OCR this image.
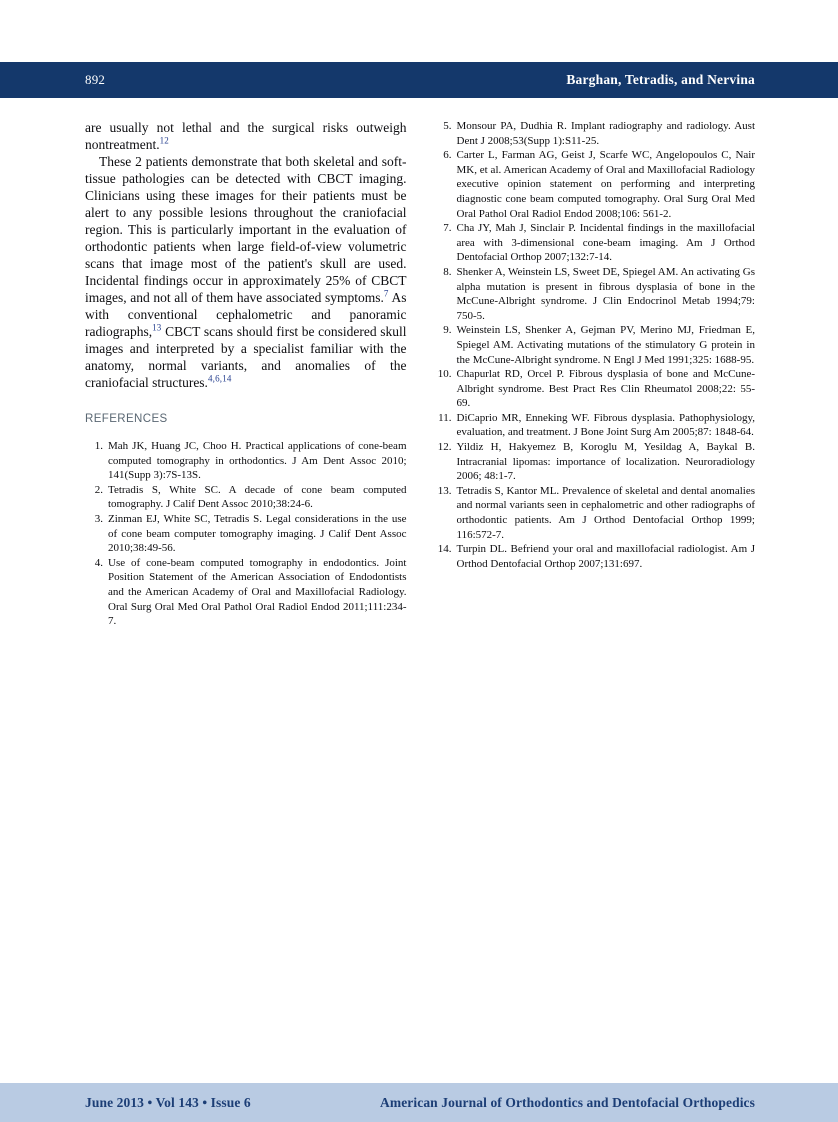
892	Barghan, Tetradis, and Nervina

are usually not lethal and the surgical risks outweigh nontreatment.$^{12}$

These 2 patients demonstrate that both skeletal and soft-tissue pathologies can be detected with CBCT imaging. Clinicians using these images for their patients must be alert to any possible lesions throughout the craniofacial region. This is particularly important in the evaluation of orthodontic patients when large field-of-view volumetric scans that image most of the patient's skull are used. Incidental findings occur in approximately 25% of CBCT images, and not all of them have associated symptoms.$^7$ As with conventional cephalometric and panoramic radiographs,$^{13}$ CBCT scans should first be considered skull images and interpreted by a specialist familiar with the anatomy, normal variants, and anomalies of the craniofacial structures.$^{4,6,14}$

REFERENCES
1. Mah JK, Huang JC, Choo H. Practical applications of cone-beam computed tomography in orthodontics. J Am Dent Assoc 2010; 141(Supp 3):7S-13S.
2. Tetradis S, White SC. A decade of cone beam computed tomography. J Calif Dent Assoc 2010;38:24-6.
3. Zinman EJ, White SC, Tetradis S. Legal considerations in the use of cone beam computer tomography imaging. J Calif Dent Assoc 2010;38:49-56.
4. Use of cone-beam computed tomography in endodontics. Joint Position Statement of the American Association of Endodontists and the American Academy of Oral and Maxillofacial Radiology. Oral Surg Oral Med Oral Pathol Oral Radiol Endod 2011;111:234-7.
5. Monsour PA, Dudhia R. Implant radiography and radiology. Aust Dent J 2008;53(Supp 1):S11-25.
6. Carter L, Farman AG, Geist J, Scarfe WC, Angelopoulos C, Nair MK, et al. American Academy of Oral and Maxillofacial Radiology executive opinion statement on performing and interpreting diagnostic cone beam computed tomography. Oral Surg Oral Med Oral Pathol Oral Radiol Endod 2008;106: 561-2.
7. Cha JY, Mah J, Sinclair P. Incidental findings in the maxillofacial area with 3-dimensional cone-beam imaging. Am J Orthod Dentofacial Orthop 2007;132:7-14.
8. Shenker A, Weinstein LS, Sweet DE, Spiegel AM. An activating Gs alpha mutation is present in fibrous dysplasia of bone in the McCune-Albright syndrome. J Clin Endocrinol Metab 1994;79: 750-5.
9. Weinstein LS, Shenker A, Gejman PV, Merino MJ, Friedman E, Spiegel AM. Activating mutations of the stimulatory G protein in the McCune-Albright syndrome. N Engl J Med 1991;325: 1688-95.
10. Chapurlat RD, Orcel P. Fibrous dysplasia of bone and McCune-Albright syndrome. Best Pract Res Clin Rheumatol 2008;22: 55-69.
11. DiCaprio MR, Enneking WF. Fibrous dysplasia. Pathophysiology, evaluation, and treatment. J Bone Joint Surg Am 2005;87: 1848-64.
12. Yildiz H, Hakyemez B, Koroglu M, Yesildag A, Baykal B. Intracranial lipomas: importance of localization. Neuroradiology 2006; 48:1-7.
13. Tetradis S, Kantor ML. Prevalence of skeletal and dental anomalies and normal variants seen in cephalometric and other radiographs of orthodontic patients. Am J Orthod Dentofacial Orthop 1999; 116:572-7.
14. Turpin DL. Befriend your oral and maxillofacial radiologist. Am J Orthod Dentofacial Orthop 2007;131:697.
June 2013 • Vol 143 • Issue 6	American Journal of Orthodontics and Dentofacial Orthopedics
